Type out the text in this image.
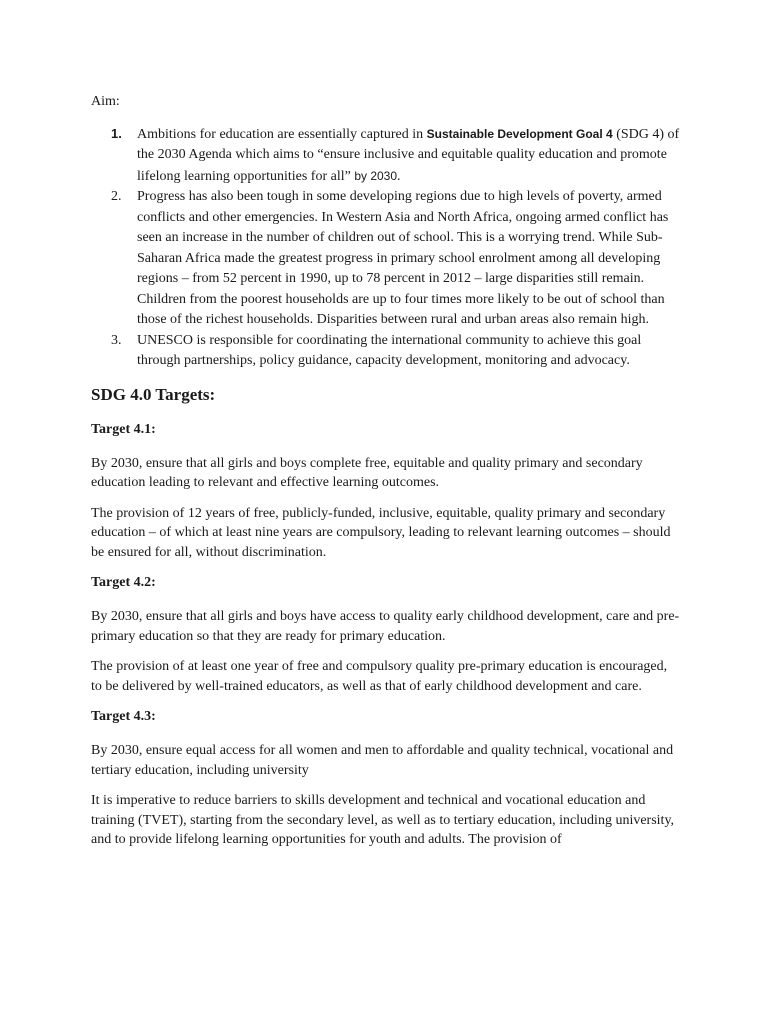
Aim:

1. Ambitions for education are essentially captured in Sustainable Development Goal 4 (SDG 4) of the 2030 Agenda which aims to “ensure inclusive and equitable quality education and promote lifelong learning opportunities for all” by 2030.
2. Progress has also been tough in some developing regions due to high levels of poverty, armed conflicts and other emergencies. In Western Asia and North Africa, ongoing armed conflict has seen an increase in the number of children out of school. This is a worrying trend. While Sub-Saharan Africa made the greatest progress in primary school enrolment among all developing regions – from 52 percent in 1990, up to 78 percent in 2012 – large disparities still remain. Children from the poorest households are up to four times more likely to be out of school than those of the richest households. Disparities between rural and urban areas also remain high.
3. UNESCO is responsible for coordinating the international community to achieve this goal through partnerships, policy guidance, capacity development, monitoring and advocacy.
SDG 4.0 Targets:
Target 4.1:

By 2030, ensure that all girls and boys complete free, equitable and quality primary and secondary education leading to relevant and effective learning outcomes.

The provision of 12 years of free, publicly-funded, inclusive, equitable, quality primary and secondary education – of which at least nine years are compulsory, leading to relevant learning outcomes – should be ensured for all, without discrimination.

Target 4.2:

By 2030, ensure that all girls and boys have access to quality early childhood development, care and pre-primary education so that they are ready for primary education.

The provision of at least one year of free and compulsory quality pre-primary education is encouraged, to be delivered by well-trained educators, as well as that of early childhood development and care.

Target 4.3:

By 2030, ensure equal access for all women and men to affordable and quality technical, vocational and tertiary education, including university

It is imperative to reduce barriers to skills development and technical and vocational education and training (TVET), starting from the secondary level, as well as to tertiary education, including university, and to provide lifelong learning opportunities for youth and adults. The provision of
